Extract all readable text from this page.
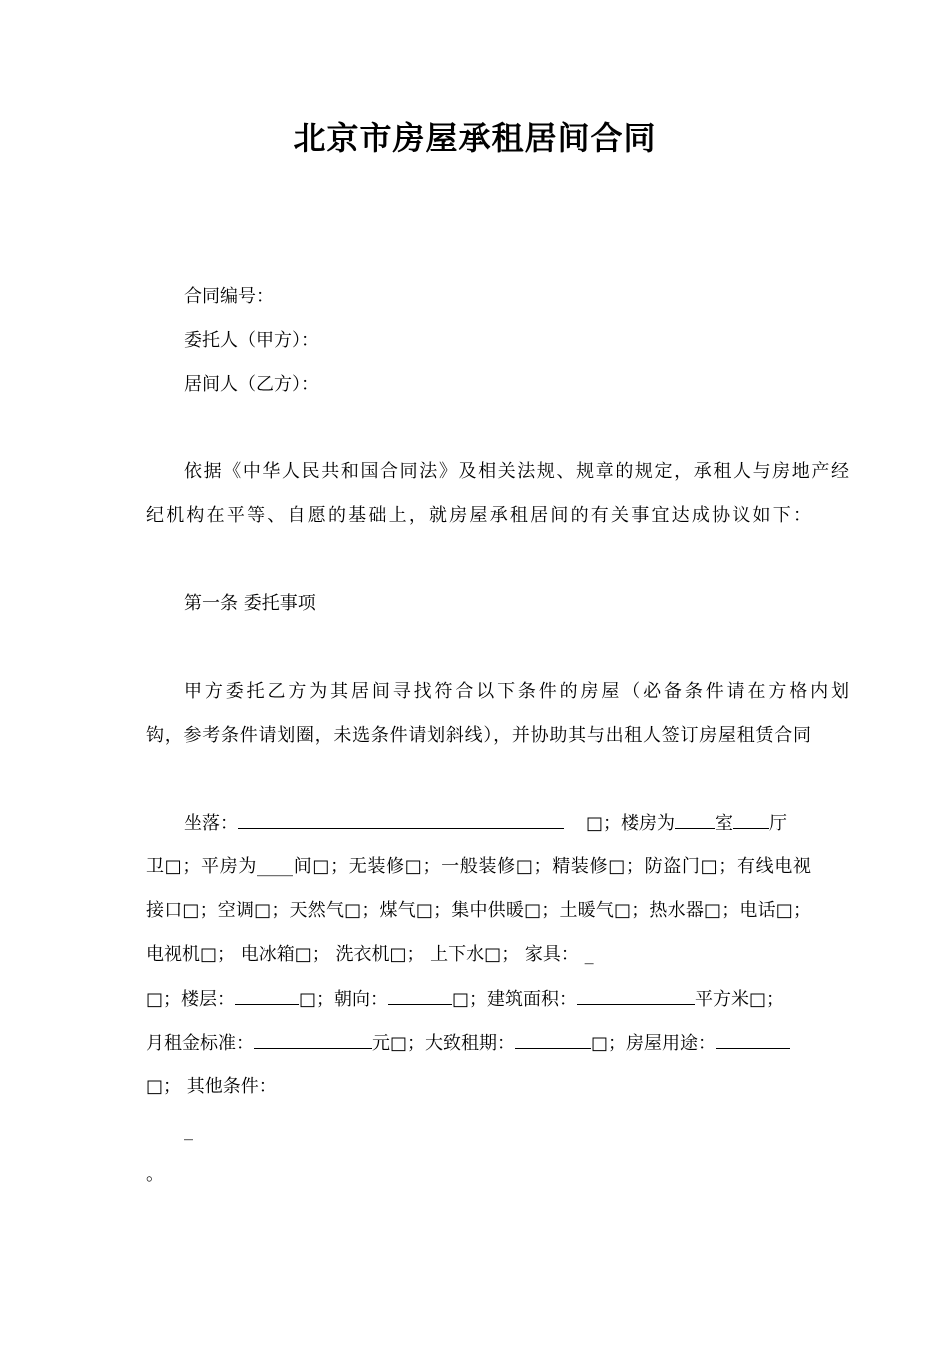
北京市房屋承租居间合同
合同编号：
委托人（甲方）：
居间人（乙方）：
依据《中华人民共和国合同法》及相关法规、规章的规定，承租人与房地产经
纪机构在平等、自愿的基础上，就房屋承租居间的有关事宜达成协议如下：
第一条 委托事项
甲方委托乙方为其居间寻找符合以下条件的房屋（必备条件请在方格内划
钩，参考条件请划圈，未选条件请划斜线），并协助其与出租人签订房屋租赁合同
坐落：	□；楼房为 室 厅
卫□；平房为____间□；无装修□；一般装修□；精装修□；防盗门□；有线电视
接口□；空调□；天然气□；煤气□；集中供暖□；土暖气□；热水器□；电话□；
电视机□； 电冰箱□； 洗衣机□； 上下水□； 家具： _
□；楼层：	□；朝向：	□；建筑面积：	平方米□；
月租金标准：	元□；大致租期：	□；房屋用途：
□； 其他条件：
_
。
